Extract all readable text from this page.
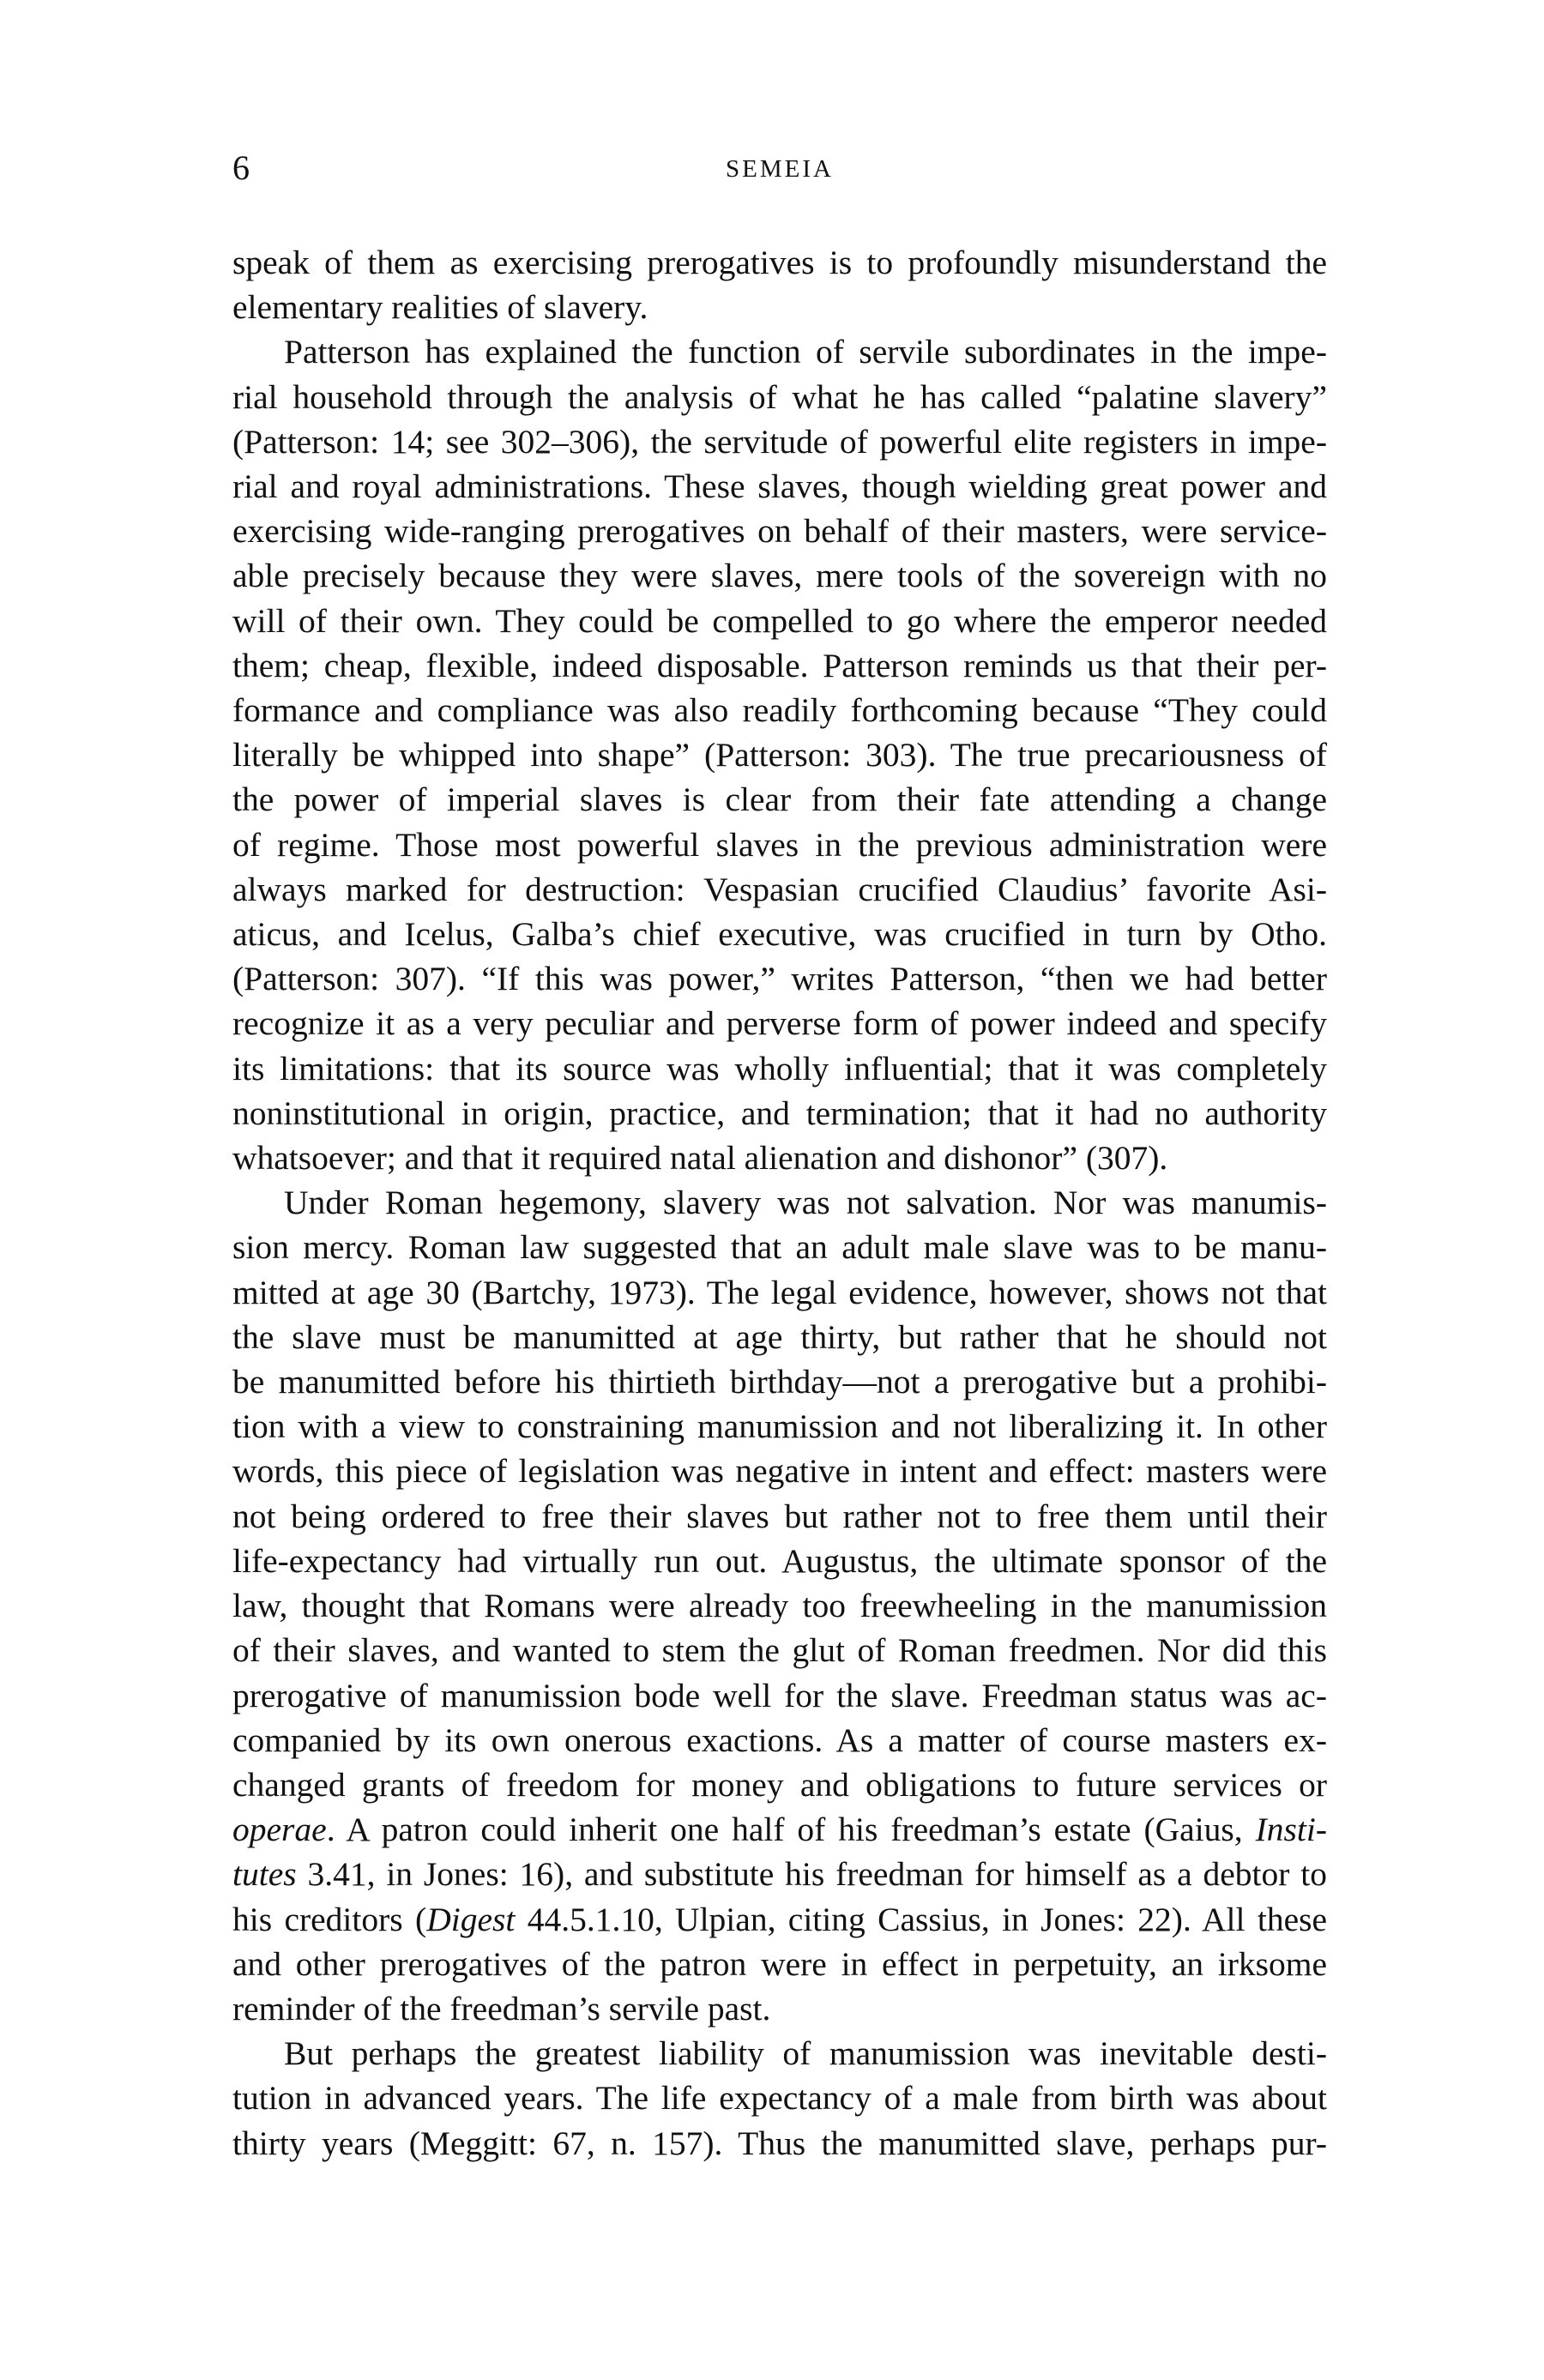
6	SEMEIA

speak of them as exercising prerogatives is to profoundly misunderstand the
elementary realities of slavery.

Patterson has explained the function of servile subordinates in the impe-
rial household through the analysis of what he has called “palatine slavery”
(Patterson: 14; see 302–306), the servitude of powerful elite registers in impe-
rial and royal administrations. These slaves, though wielding great power and
exercising wide-ranging prerogatives on behalf of their masters, were service-
able precisely because they were slaves, mere tools of the sovereign with no
will of their own. They could be compelled to go where the emperor needed
them; cheap, flexible, indeed disposable. Patterson reminds us that their per-
formance and compliance was also readily forthcoming because “They could
literally be whipped into shape” (Patterson: 303). The true precariousness of
the power of imperial slaves is clear from their fate attending a change
of regime. Those most powerful slaves in the previous administration were
always marked for destruction: Vespasian crucified Claudius’ favorite Asi-
aticus, and Icelus, Galba’s chief executive, was crucified in turn by Otho.
(Patterson: 307). “If this was power,” writes Patterson, “then we had better
recognize it as a very peculiar and perverse form of power indeed and specify
its limitations: that its source was wholly influential; that it was completely
noninstitutional in origin, practice, and termination; that it had no authority
whatsoever; and that it required natal alienation and dishonor” (307).

Under Roman hegemony, slavery was not salvation. Nor was manumis-
sion mercy. Roman law suggested that an adult male slave was to be manu-
mitted at age 30 (Bartchy, 1973). The legal evidence, however, shows not that
the slave must be manumitted at age thirty, but rather that he should not
be manumitted before his thirtieth birthday—not a prerogative but a prohibi-
tion with a view to constraining manumission and not liberalizing it. In other
words, this piece of legislation was negative in intent and effect: masters were
not being ordered to free their slaves but rather not to free them until their
life-expectancy had virtually run out. Augustus, the ultimate sponsor of the
law, thought that Romans were already too freewheeling in the manumission
of their slaves, and wanted to stem the glut of Roman freedmen. Nor did this
prerogative of manumission bode well for the slave. Freedman status was ac-
companied by its own onerous exactions. As a matter of course masters ex-
changed grants of freedom for money and obligations to future services or
operae. A patron could inherit one half of his freedman’s estate (Gaius, Insti-
tutes 3.41, in Jones: 16), and substitute his freedman for himself as a debtor to
his creditors (Digest 44.5.1.10, Ulpian, citing Cassius, in Jones: 22). All these
and other prerogatives of the patron were in effect in perpetuity, an irksome
reminder of the freedman’s servile past.

But perhaps the greatest liability of manumission was inevitable desti-
tution in advanced years. The life expectancy of a male from birth was about
thirty years (Meggitt: 67, n. 157). Thus the manumitted slave, perhaps pur-
